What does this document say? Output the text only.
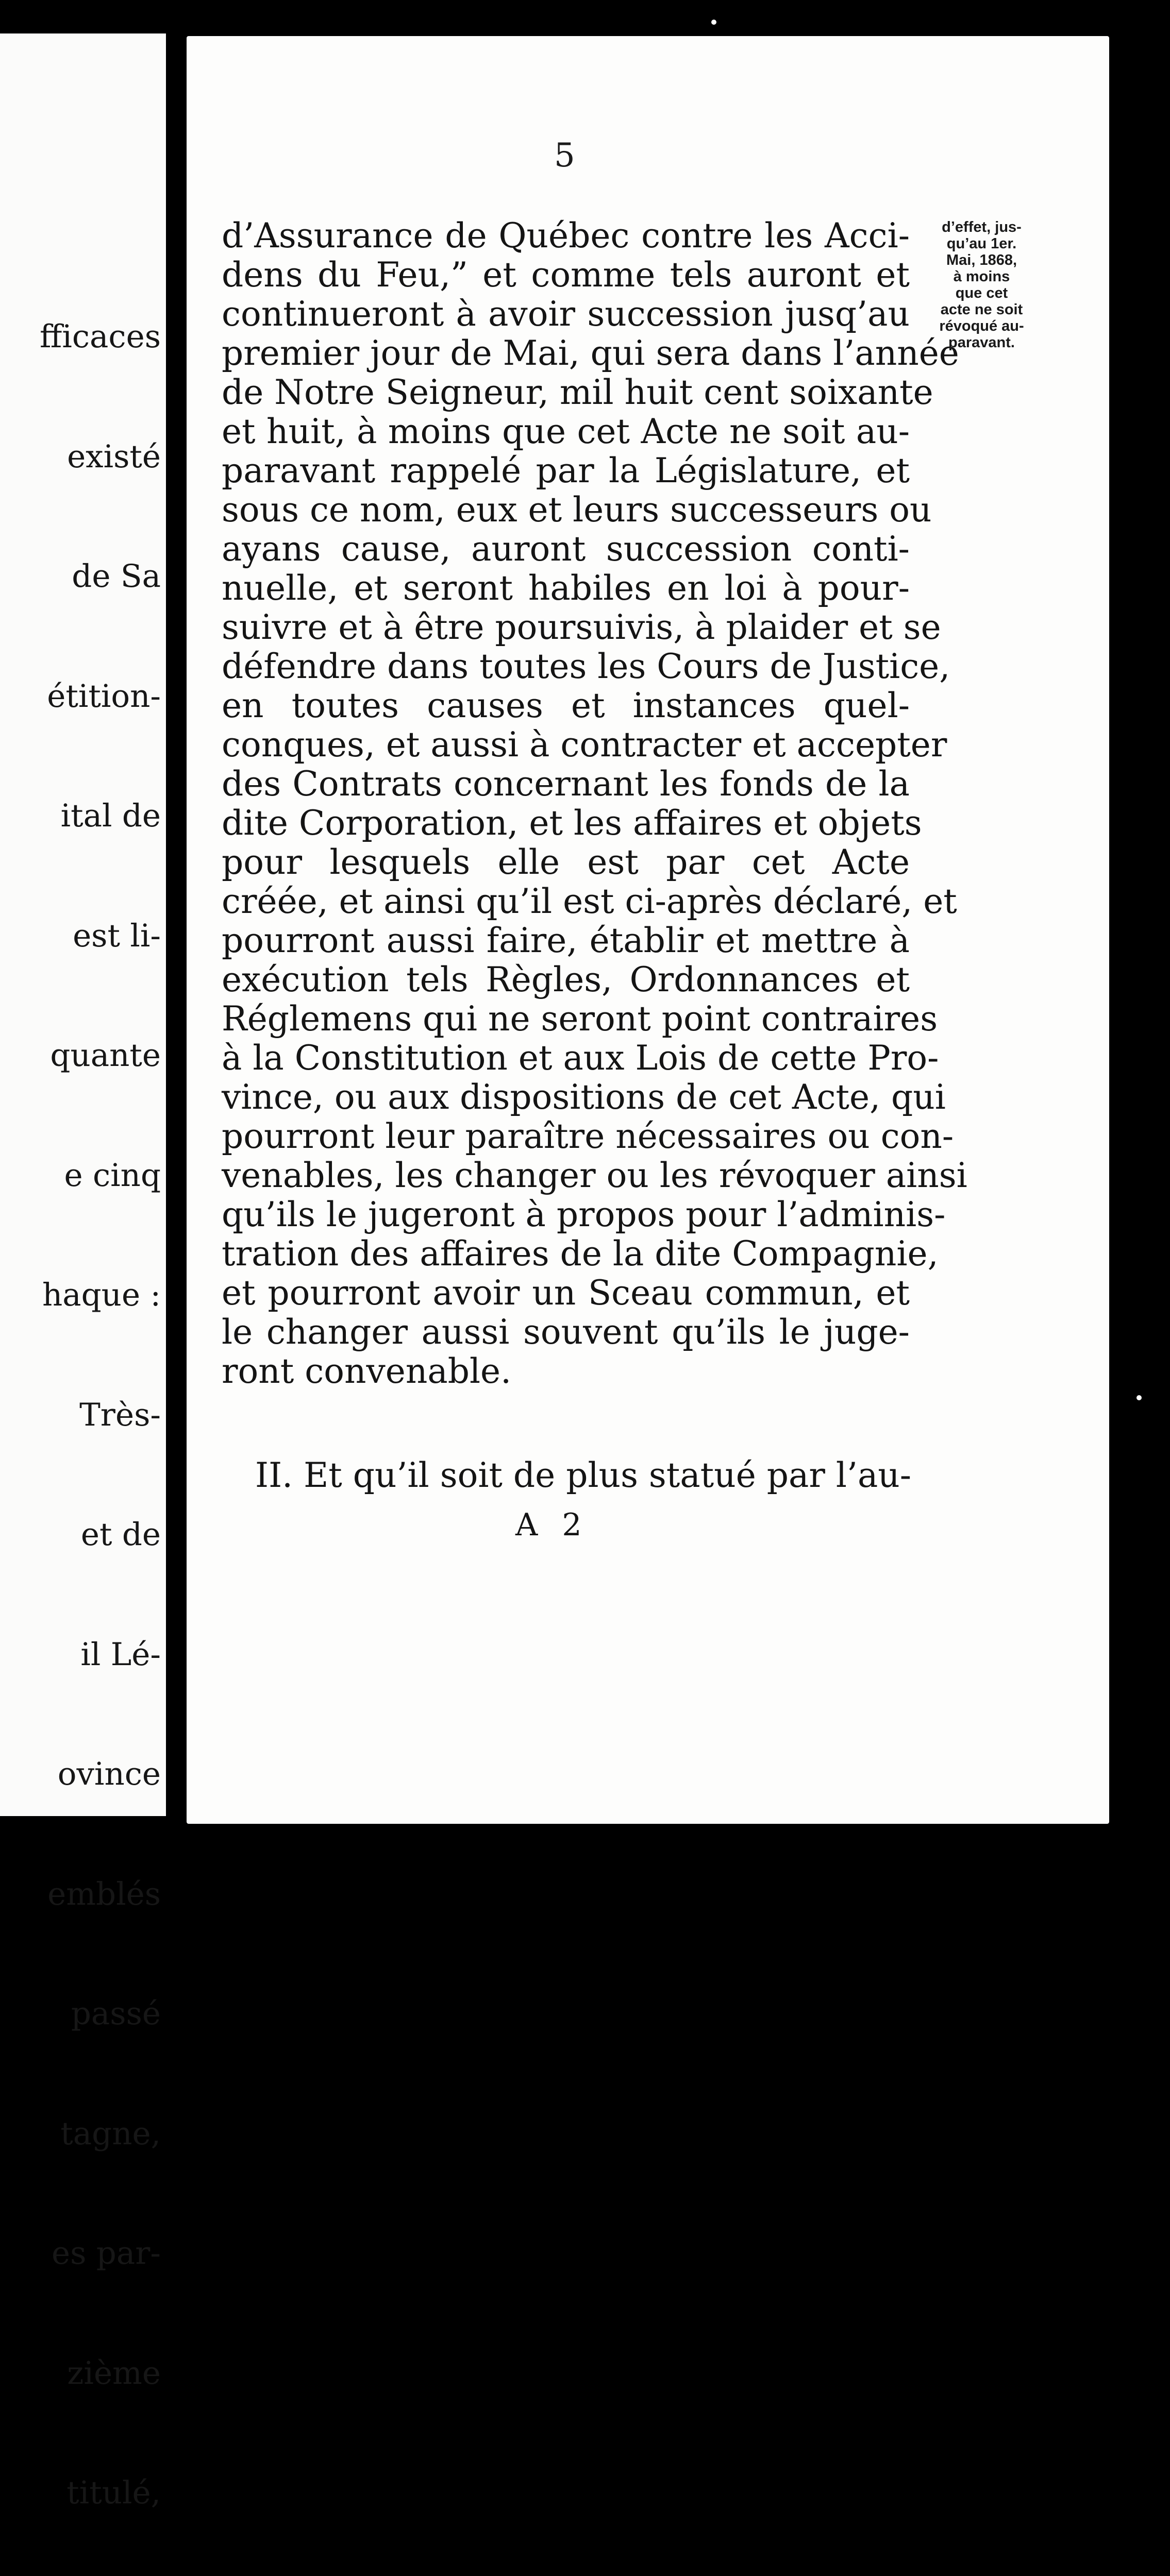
fficaces

existé

de Sa

étition-

ital de

est li-

quante

e cinq

haque :

Très-

et de

il Lé-

ovince

emblés

passé

tagne,

es par-

zième

titulé,

5
d’Assurance de Québec contre les Acci-
dens du Feu,” et comme tels auront et
continueront à avoir succession jusq’au
premier jour de Mai, qui sera dans l’année
de Notre Seigneur, mil huit cent soixante
et huit, à moins que cet Acte ne soit au-
paravant rappelé par la Législature, et
sous ce nom, eux et leurs successeurs ou
ayans cause, auront succession conti-
nuelle, et seront habiles en loi à pour-
suivre et à être poursuivis, à plaider et se
défendre dans toutes les Cours de Justice,
en toutes causes et instances quel-
conques, et aussi à contracter et accepter
des Contrats concernant les fonds de la
dite Corporation, et les affaires et objets
pour lesquels elle est par cet Acte
créée, et ainsi qu’il est ci-après déclaré, et
pourront aussi faire, établir et mettre à
exécution tels Règles, Ordonnances et
Réglemens qui ne seront point contraires
à la Constitution et aux Lois de cette Pro-
vince, ou aux dispositions de cet Acte, qui
pourront leur paraître nécessaires ou con-
venables, les changer ou les révoquer ainsi
qu’ils le jugeront à propos pour l’adminis-
tration des affaires de la dite Compagnie,
et pourront avoir un Sceau commun, et
le changer aussi souvent qu’ils le juge-
ront convenable.
d’effet, jus-
qu’au 1er.
Mai, 1868,
à moins
que cet
acte ne soit
révoqué au-
paravant.
II. Et qu’il soit de plus statué par l’au-
A 2
